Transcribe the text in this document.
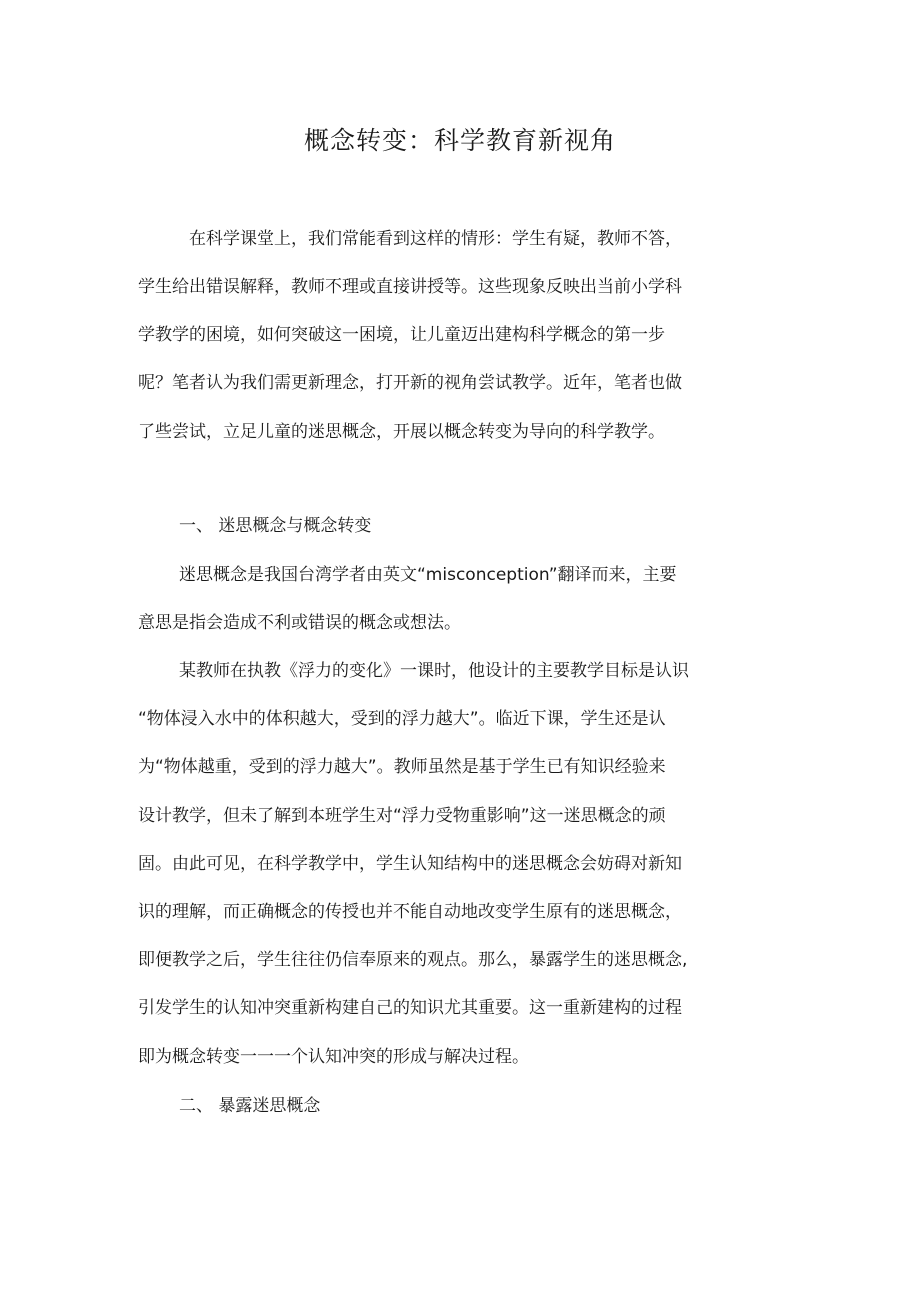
概念转变：科学教育新视角
在科学课堂上，我们常能看到这样的情形：学生有疑，教师不答，
学生给出错误解释，教师不理或直接讲授等。这些现象反映出当前小学科
学教学的困境，如何突破这一困境，让儿童迈出建构科学概念的第一步
呢？笔者认为我们需更新理念，打开新的视角尝试教学。近年，笔者也做
了些尝试，立足儿童的迷思概念，开展以概念转变为导向的科学教学。
一、 迷思概念与概念转变
迷思概念是我国台湾学者由英文“misconception”翻译而来，主要
意思是指会造成不利或错误的概念或想法。
某教师在执教《浮力的变化》一课时，他设计的主要教学目标是认识
“物体浸入水中的体积越大，受到的浮力越大”。临近下课，学生还是认
为“物体越重，受到的浮力越大”。教师虽然是基于学生已有知识经验来
设计教学，但未了解到本班学生对“浮力受物重影响”这一迷思概念的顽
固。由此可见，在科学教学中，学生认知结构中的迷思概念会妨碍对新知
识的理解，而正确概念的传授也并不能自动地改变学生原有的迷思概念，
即便教学之后，学生往往仍信奉原来的观点。那么，暴露学生的迷思概念,
引发学生的认知冲突重新构建自己的知识尤其重要。这一重新建构的过程
即为概念转变一一一个认知冲突的形成与解决过程。
二、 暴露迷思概念
